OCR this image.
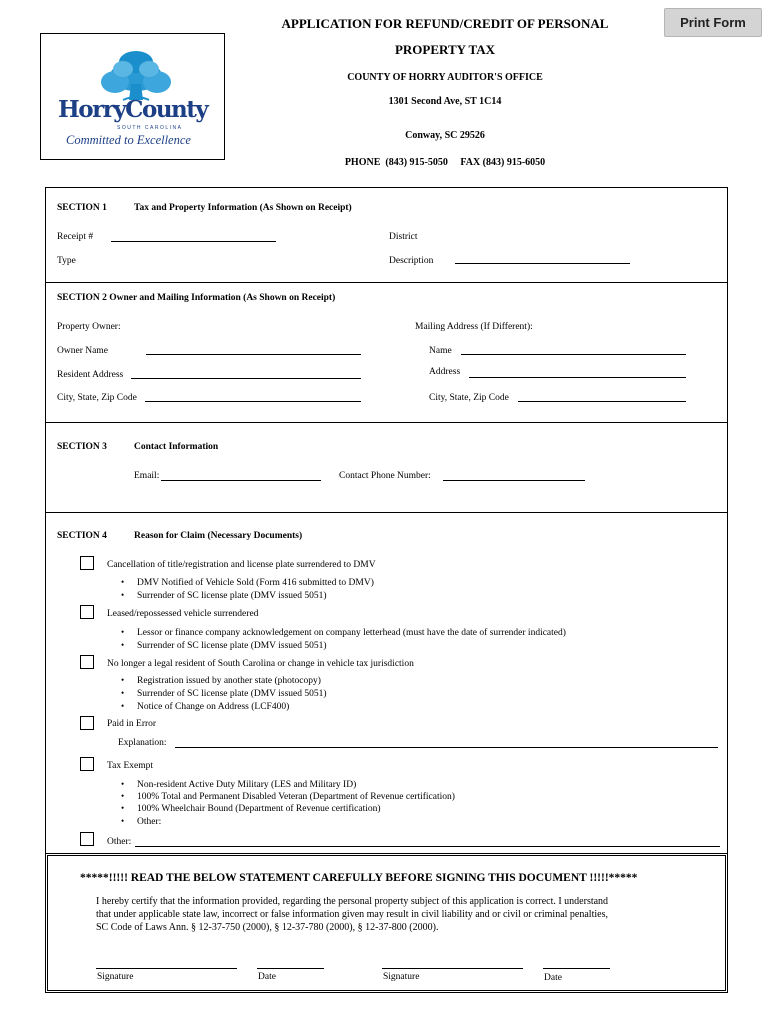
Print Form
HorryCounty
SOUTH CAROLINA
Committed to Excellence
APPLICATION FOR REFUND/CREDIT OF PERSONAL
PROPERTY TAX
COUNTY OF HORRY AUDITOR'S OFFICE
1301 Second Ave, ST 1C14
Conway, SC 29526
PHONE  (843) 915-5050     FAX (843) 915-6050
SECTION 1	Tax and Property Information (As Shown on Receipt)
Receipt #	District
Type	Description
SECTION 2 Owner and Mailing Information (As Shown on Receipt)
Property Owner:	Mailing Address (If Different):
Owner Name	Name
Resident Address	Address
City, State, Zip Code	City, State, Zip Code
SECTION 3	Contact Information
Email:	Contact Phone Number:
SECTION 4	Reason for Claim (Necessary Documents)
Cancellation of title/registration and license plate surrendered to DMV
• DMV Notified of Vehicle Sold (Form 416 submitted to DMV)
• Surrender of SC license plate (DMV issued 5051)
Leased/repossessed vehicle surrendered
• Lessor or finance company acknowledgement on company letterhead (must have the date of surrender indicated)
• Surrender of SC license plate (DMV issued 5051)
No longer a legal resident of South Carolina or change in vehicle tax jurisdiction
• Registration issued by another state (photocopy)
• Surrender of SC license plate (DMV issued 5051)
• Notice of Change on Address (LCF400)
Paid in Error
Explanation:
Tax Exempt
• Non-resident Active Duty Military (LES and Military ID)
• 100% Total and Permanent Disabled Veteran (Department of Revenue certification)
• 100% Wheelchair Bound (Department of Revenue certification)
• Other:
Other:
*****!!!!! READ THE BELOW STATEMENT CAREFULLY BEFORE SIGNING THIS DOCUMENT !!!!!*****
I hereby certify that the information provided, regarding the personal property subject of this application is correct. I understand
that under applicable state law, incorrect or false information given may result in civil liability and or civil or criminal penalties,
SC Code of Laws Ann. § 12-37-750 (2000), § 12-37-780 (2000), § 12-37-800 (2000).
Signature	Date	Signature	Date
